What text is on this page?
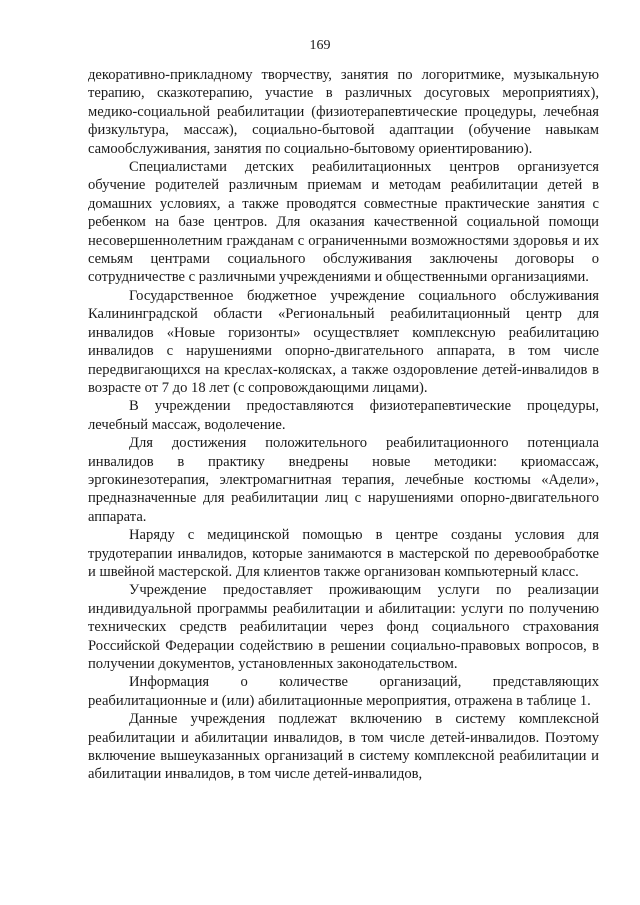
169

декоративно-прикладному творчеству, занятия по логоритмике, музыкальную терапию, сказкотерапию, участие в различных досуговых мероприятиях), медико-социальной реабилитации (физиотерапевтические процедуры, лечебная физкультура, массаж), социально-бытовой адаптации (обучение навыкам самообслуживания, занятия по социально-бытовому ориентированию).

Специалистами детских реабилитационных центров организуется обучение родителей различным приемам и методам реабилитации детей в домашних условиях, а также проводятся совместные практические занятия с ребенком на базе центров. Для оказания качественной социальной помощи несовершеннолетним гражданам с ограниченными возможностями здоровья и их семьям центрами социального обслуживания заключены договоры о сотрудничестве с различными учреждениями и общественными организациями.

Государственное бюджетное учреждение социального обслуживания Калининградской области «Региональный реабилитационный центр для инвалидов «Новые горизонты» осуществляет комплексную реабилитацию инвалидов с нарушениями опорно-двигательного аппарата, в том числе передвигающихся на креслах-колясках, а также оздоровление детей-инвалидов в возрасте от 7 до 18 лет (с сопровождающими лицами).

В учреждении предоставляются физиотерапевтические процедуры, лечебный массаж, водолечение.

Для достижения положительного реабилитационного потенциала инвалидов в практику внедрены новые методики: криомассаж, эргокинезотерапия, электромагнитная терапия, лечебные костюмы «Адели», предназначенные для реабилитации лиц с нарушениями опорно-двигательного аппарата.

Наряду с медицинской помощью в центре созданы условия для трудотерапии инвалидов, которые занимаются в мастерской по деревообработке и швейной мастерской. Для клиентов также организован компьютерный класс.

Учреждение предоставляет проживающим услуги по реализации индивидуальной программы реабилитации и абилитации: услуги по получению технических средств реабилитации через фонд социального страхования Российской Федерации содействию в решении социально-правовых вопросов, в получении документов, установленных законодательством.

Информация о количестве организаций, представляющих реабилитационные и (или) абилитационные мероприятия, отражена в таблице 1.

Данные учреждения подлежат включению в систему комплексной реабилитации и абилитации инвалидов, в том числе детей-инвалидов. Поэтому включение вышеуказанных организаций в систему комплексной реабилитации и абилитации инвалидов, в том числе детей-инвалидов,
